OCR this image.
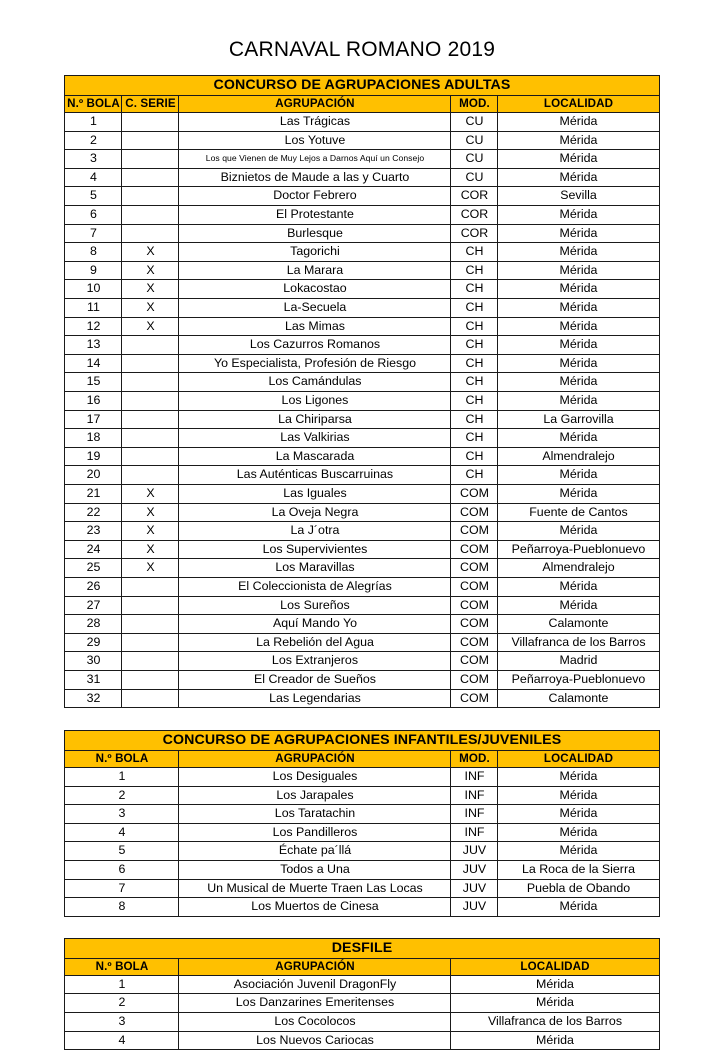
CARNAVAL ROMANO 2019
CONCURSO DE AGRUPACIONES ADULTAS				
N.º BOLA	C. SERIE	AGRUPACIÓN	MOD.	LOCALIDAD
1		Las Trágicas	CU	Mérida
2		Los Yotuve	CU	Mérida
3		Los que Vienen de Muy Lejos a Darnos Aquí un Consejo	CU	Mérida
4		Biznietos de Maude a las y Cuarto	CU	Mérida
5		Doctor Febrero	COR	Sevilla
6		El Protestante	COR	Mérida
7		Burlesque	COR	Mérida
8	X	Tagorichi	CH	Mérida
9	X	La Marara	CH	Mérida
10	X	Lokacostao	CH	Mérida
11	X	La-Secuela	CH	Mérida
12	X	Las Mimas	CH	Mérida
13		Los Cazurros Romanos	CH	Mérida
14		Yo Especialista, Profesión de Riesgo	CH	Mérida
15		Los Camándulas	CH	Mérida
16		Los Ligones	CH	Mérida
17		La Chiriparsa	CH	La Garrovilla
18		Las Valkirias	CH	Mérida
19		La Mascarada	CH	Almendralejo
20		Las Auténticas Buscarruinas	CH	Mérida
21	X	Las Iguales	COM	Mérida
22	X	La Oveja Negra	COM	Fuente de Cantos
23	X	La J´otra	COM	Mérida
24	X	Los Supervivientes	COM	Peñarroya-Pueblonuevo
25	X	Los Maravillas	COM	Almendralejo
26		El Coleccionista de Alegrías	COM	Mérida
27		Los Sureños	COM	Mérida
28		Aquí Mando Yo	COM	Calamonte
29		La Rebelión del Agua	COM	Villafranca de los Barros
30		Los Extranjeros	COM	Madrid
31		El Creador de Sueños	COM	Peñarroya-Pueblonuevo
32		Las Legendarias	COM	Calamonte
CONCURSO DE AGRUPACIONES INFANTILES/JUVENILES			
N.º BOLA	AGRUPACIÓN	MOD.	LOCALIDAD
1	Los Desiguales	INF	Mérida
2	Los Jarapales	INF	Mérida
3	Los Taratachin	INF	Mérida
4	Los Pandilleros	INF	Mérida
5	Échate pa´llá	JUV	Mérida
6	Todos a Una	JUV	La Roca de la Sierra
7	Un Musical de Muerte Traen Las Locas	JUV	Puebla de Obando
8	Los Muertos de Cinesa	JUV	Mérida
DESFILE		
N.º BOLA	AGRUPACIÓN	LOCALIDAD
1	Asociación Juvenil DragonFly	Mérida
2	Los Danzarines Emeritenses	Mérida
3	Los Cocolocos	Villafranca de los Barros
4	Los Nuevos Cariocas	Mérida
